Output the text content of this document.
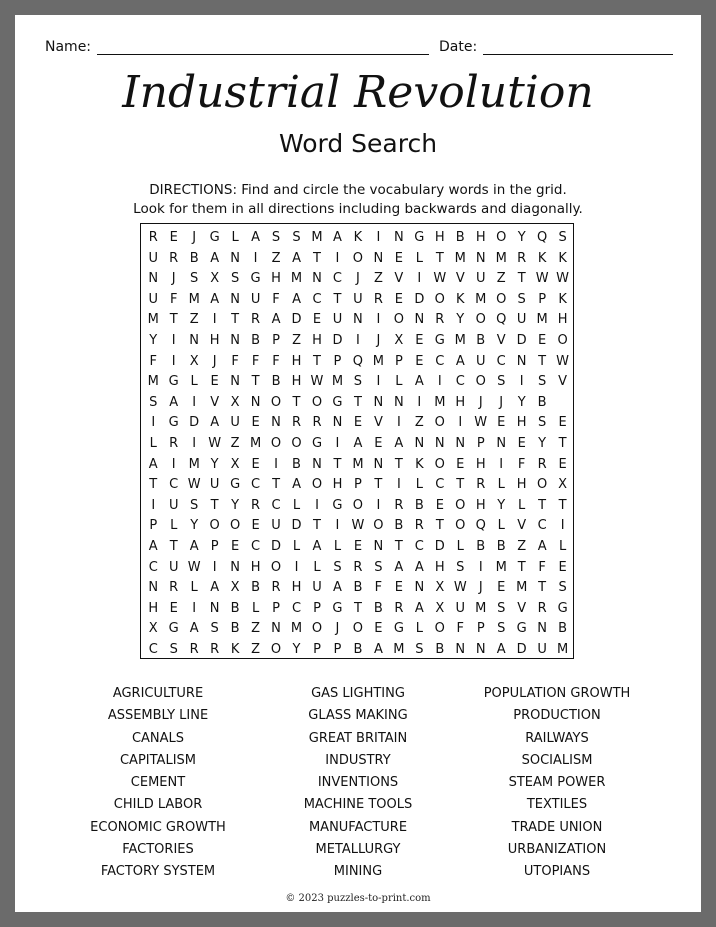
Name:	Date:
Industrial Revolution
Word Search
DIRECTIONS: Find and circle the vocabulary words in the grid.
Look for them in all directions including backwards and diagonally.
R E	J	G L A S S M A K	I	N G H B H O Y Q S
U R B A N	I	Z A T	I	O N E L T M N M R K K
N	J	S X S G H M N C	J	Z V	I W V U Z T W W
U F M A N U F A C T U R E D O K M O S P K
M T Z	I	T R A D E U N	I	O N R Y O Q U M H
Y	I	N H N B P Z H D	I	J	X E G M B V D E O
F	I	X	J	F F F H T P Q M P E C A U C N T W
M G L E N T B H W M S	I	L A	I	C O S	I	S V
S A	I	V X N O T O G T N N	I M H	J	J	Y B
I	G D A U E N R R N E V	I	Z O	I W E H S E
L R	I W Z M O O G	I	A E A N N N P N E Y T
A	I M Y X E	I	B N T M N T K O E H	I	F R E
T C W U G C T A O H P T	I	L C T R L H O X
I	U S T Y R C L	I	G O	I	R B E O H Y L T T
P L Y O O E U D T	I W O B R T O Q L V C	I
A T A P E C D L A L E N T C D L B B Z A L
C U W I	N H O	I	L S R S A A H S	I M T F E
N R L A X B R H U A B F E N X W J	E M T S
H E	I	N B L P C P G T B R A X U M S V R G
X G A S B Z N M O	J	O E G L O F P S G N B
C S R R K Z O Y P P B A M S B N N A D U M
AGRICULTURE
ASSEMBLY LINE
CANALS
CAPITALISM
CEMENT
CHILD LABOR
ECONOMIC GROWTH
FACTORIES
FACTORY SYSTEM
GAS LIGHTING
GLASS MAKING
GREAT BRITAIN
INDUSTRY
INVENTIONS
MACHINE TOOLS
MANUFACTURE
METALLURGY
MINING
POPULATION GROWTH
PRODUCTION
RAILWAYS
SOCIALISM
STEAM POWER
TEXTILES
TRADE UNION
URBANIZATION
UTOPIANS
© 2023 puzzles-to-print.com
